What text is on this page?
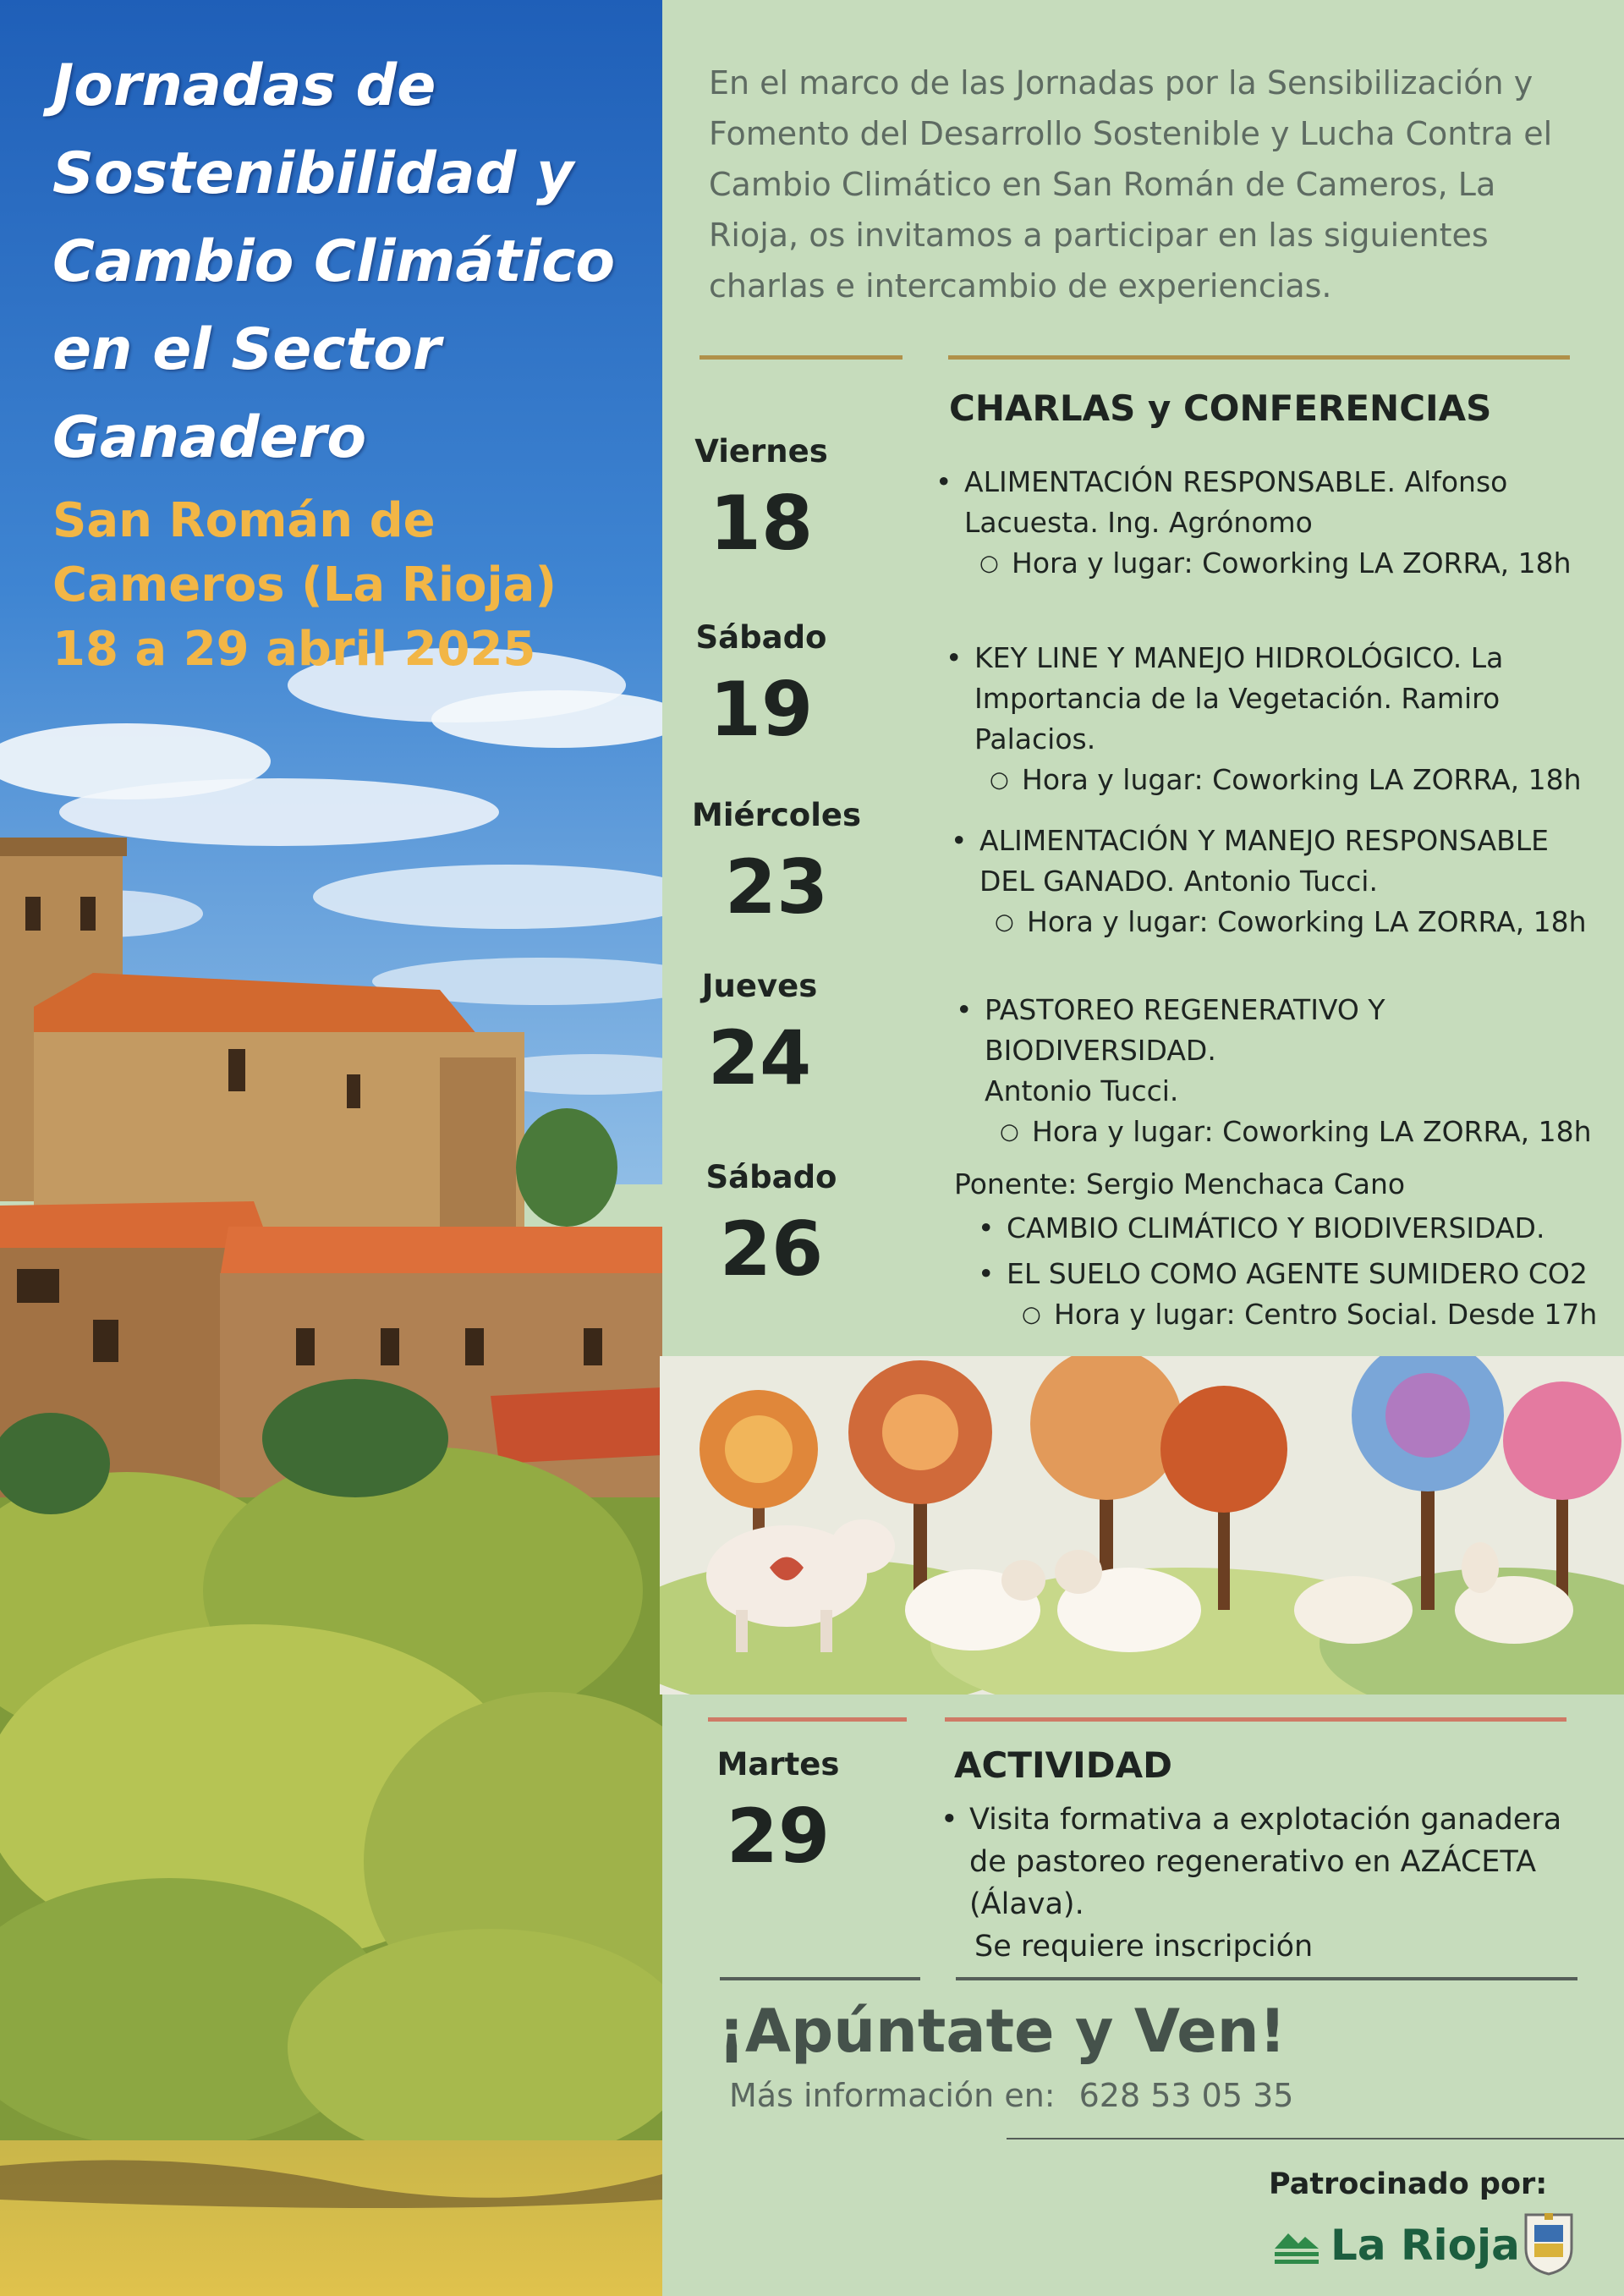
Jornadas de
Sostenibilidad y
Cambio Climático
en el Sector
Ganadero
San Román de
Cameros (La Rioja)
18 a 29 abril 2025
En el marco de las Jornadas por la Sensibilización y Fomento del Desarrollo Sostenible y Lucha Contra el Cambio Climático en San Román de Cameros, La Rioja, os invitamos a participar en las siguientes charlas e intercambio de experiencias.
CHARLAS y CONFERENCIAS
Viernes
18
Sábado
19
Miércoles
23
Jueves
24
Sábado
26
• ALIMENTACIÓN RESPONSABLE. Alfonso
Lacuesta. Ing. Agrónomo
○ Hora y lugar: Coworking LA ZORRA, 18h
• KEY LINE Y MANEJO HIDROLÓGICO. La
Importancia de la Vegetación. Ramiro Palacios.
○ Hora y lugar: Coworking LA ZORRA, 18h
• ALIMENTACIÓN Y MANEJO RESPONSABLE
DEL GANADO. Antonio Tucci.
○ Hora y lugar: Coworking LA ZORRA, 18h
• PASTOREO REGENERATIVO Y BIODIVERSIDAD.
Antonio Tucci.
○ Hora y lugar: Coworking LA ZORRA, 18h
Ponente: Sergio Menchaca Cano
• CAMBIO CLIMÁTICO Y BIODIVERSIDAD.
• EL SUELO COMO AGENTE SUMIDERO CO2
○ Hora y lugar: Centro Social. Desde 17h
Martes
29
ACTIVIDAD
• Visita formativa a explotación ganadera
de pastoreo regenerativo en AZÁCETA
(Álava).
Se requiere inscripción
¡Apúntate y Ven!
Más información en: 628 53 05 35
Patrocinado por:
La Rioja
